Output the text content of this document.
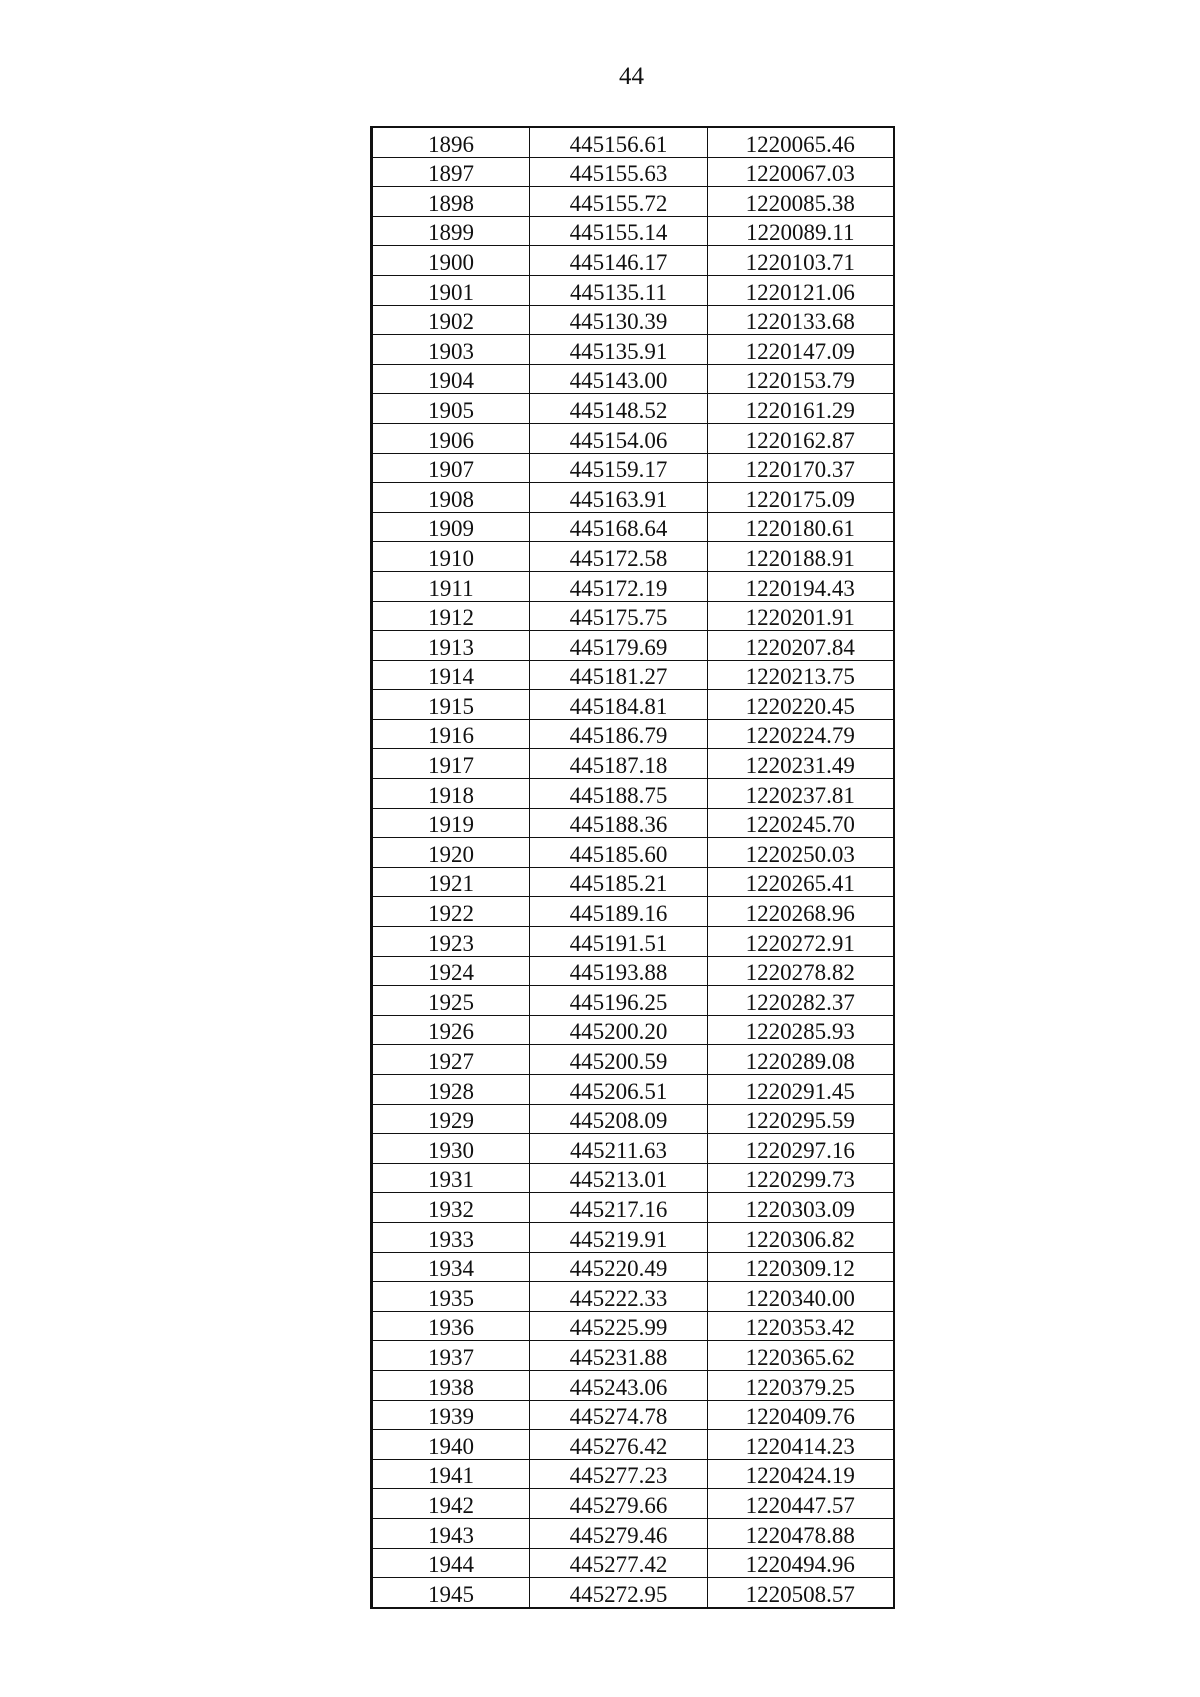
44
1896	445156.61	1220065.46
1897	445155.63	1220067.03
1898	445155.72	1220085.38
1899	445155.14	1220089.11
1900	445146.17	1220103.71
1901	445135.11	1220121.06
1902	445130.39	1220133.68
1903	445135.91	1220147.09
1904	445143.00	1220153.79
1905	445148.52	1220161.29
1906	445154.06	1220162.87
1907	445159.17	1220170.37
1908	445163.91	1220175.09
1909	445168.64	1220180.61
1910	445172.58	1220188.91
1911	445172.19	1220194.43
1912	445175.75	1220201.91
1913	445179.69	1220207.84
1914	445181.27	1220213.75
1915	445184.81	1220220.45
1916	445186.79	1220224.79
1917	445187.18	1220231.49
1918	445188.75	1220237.81
1919	445188.36	1220245.70
1920	445185.60	1220250.03
1921	445185.21	1220265.41
1922	445189.16	1220268.96
1923	445191.51	1220272.91
1924	445193.88	1220278.82
1925	445196.25	1220282.37
1926	445200.20	1220285.93
1927	445200.59	1220289.08
1928	445206.51	1220291.45
1929	445208.09	1220295.59
1930	445211.63	1220297.16
1931	445213.01	1220299.73
1932	445217.16	1220303.09
1933	445219.91	1220306.82
1934	445220.49	1220309.12
1935	445222.33	1220340.00
1936	445225.99	1220353.42
1937	445231.88	1220365.62
1938	445243.06	1220379.25
1939	445274.78	1220409.76
1940	445276.42	1220414.23
1941	445277.23	1220424.19
1942	445279.66	1220447.57
1943	445279.46	1220478.88
1944	445277.42	1220494.96
1945	445272.95	1220508.57
